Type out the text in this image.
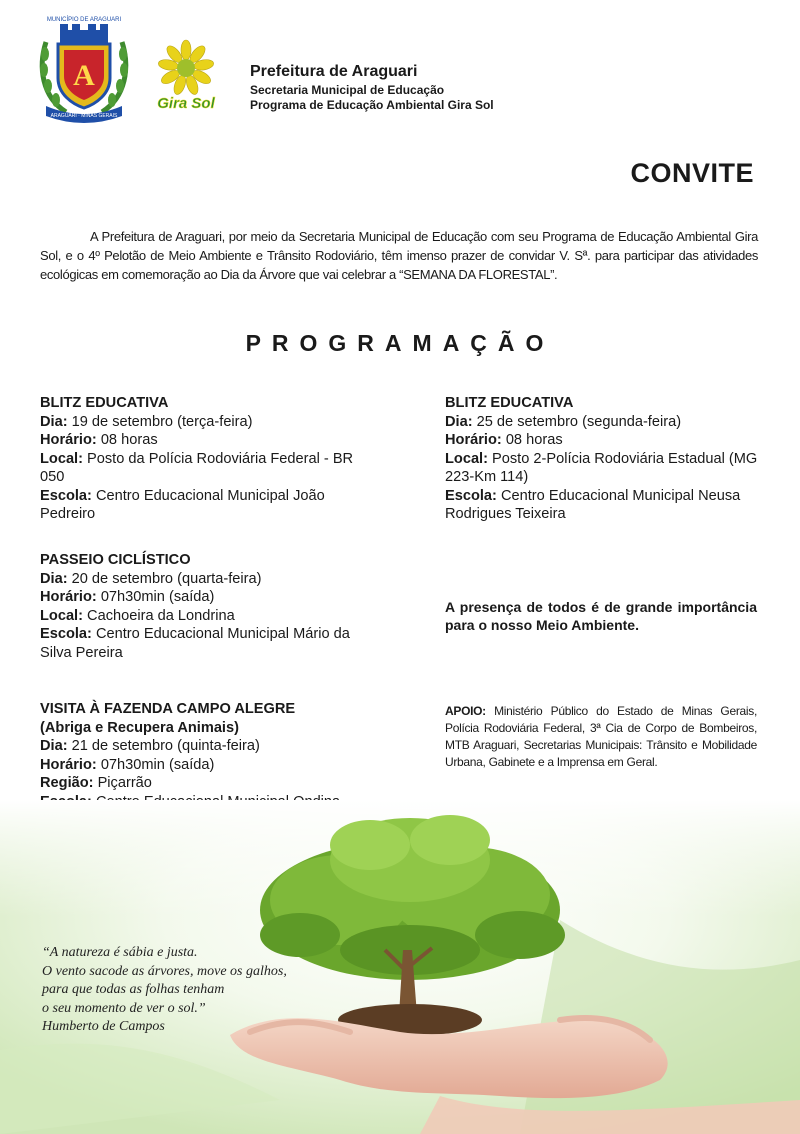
A
MUNICÍPIO DE ARAGUARI
ARAGUARI · MINAS GERAIS
Gira Sol
Prefeitura de Araguari
Secretaria Municipal de Educação
Programa de Educação Ambiental Gira Sol
CONVITE

A Prefeitura de Araguari, por meio da Secretaria Municipal de Educação com seu Programa de Educação Ambiental Gira Sol, e o 4º Pelotão de Meio Ambiente e Trânsito Rodoviário, têm imenso prazer de convidar V. Sª. para participar das atividades ecológicas em comemoração ao Dia da Árvore que vai celebrar a “SEMANA DA FLORESTAL”.

PROGRAMAÇÃO
BLITZ EDUCATIVA
Dia: 19 de setembro (terça-feira)
Horário: 08 horas
Local: Posto da Polícia Rodoviária Federal - BR 050
Escola: Centro Educacional Municipal João Pedreiro
BLITZ EDUCATIVA
Dia: 25 de setembro (segunda-feira)
Horário: 08 horas
Local: Posto 2-Polícia Rodoviária Estadual (MG 223-Km 114)
Escola: Centro Educacional Municipal Neusa Rodrigues Teixeira
PASSEIO CICLÍSTICO
Dia: 20 de setembro (quarta-feira)
Horário: 07h30min (saída)
Local: Cachoeira da Londrina
Escola: Centro Educacional Municipal Mário da Silva Pereira
A presença de todos é de grande importância para o nosso Meio Ambiente.
VISITA À FAZENDA CAMPO ALEGRE
(Abriga e Recupera Animais)
Dia: 21 de setembro (quinta-feira)
Horário: 07h30min (saída)
Região: Piçarrão
APOIO: Ministério Público do Estado de Minas Gerais, Polícia Rodoviária Federal, 3ª Cia de Corpo de Bombeiros, MTB Araguari, Secretarias Municipais: Trânsito e Mobilidade Urbana, Gabinete e a Imprensa em Geral.
“A natureza é sábia e justa.
O vento sacode as árvores, move os galhos,
para que todas as folhas tenham
o seu momento de ver o sol.”
Humberto de Campos
